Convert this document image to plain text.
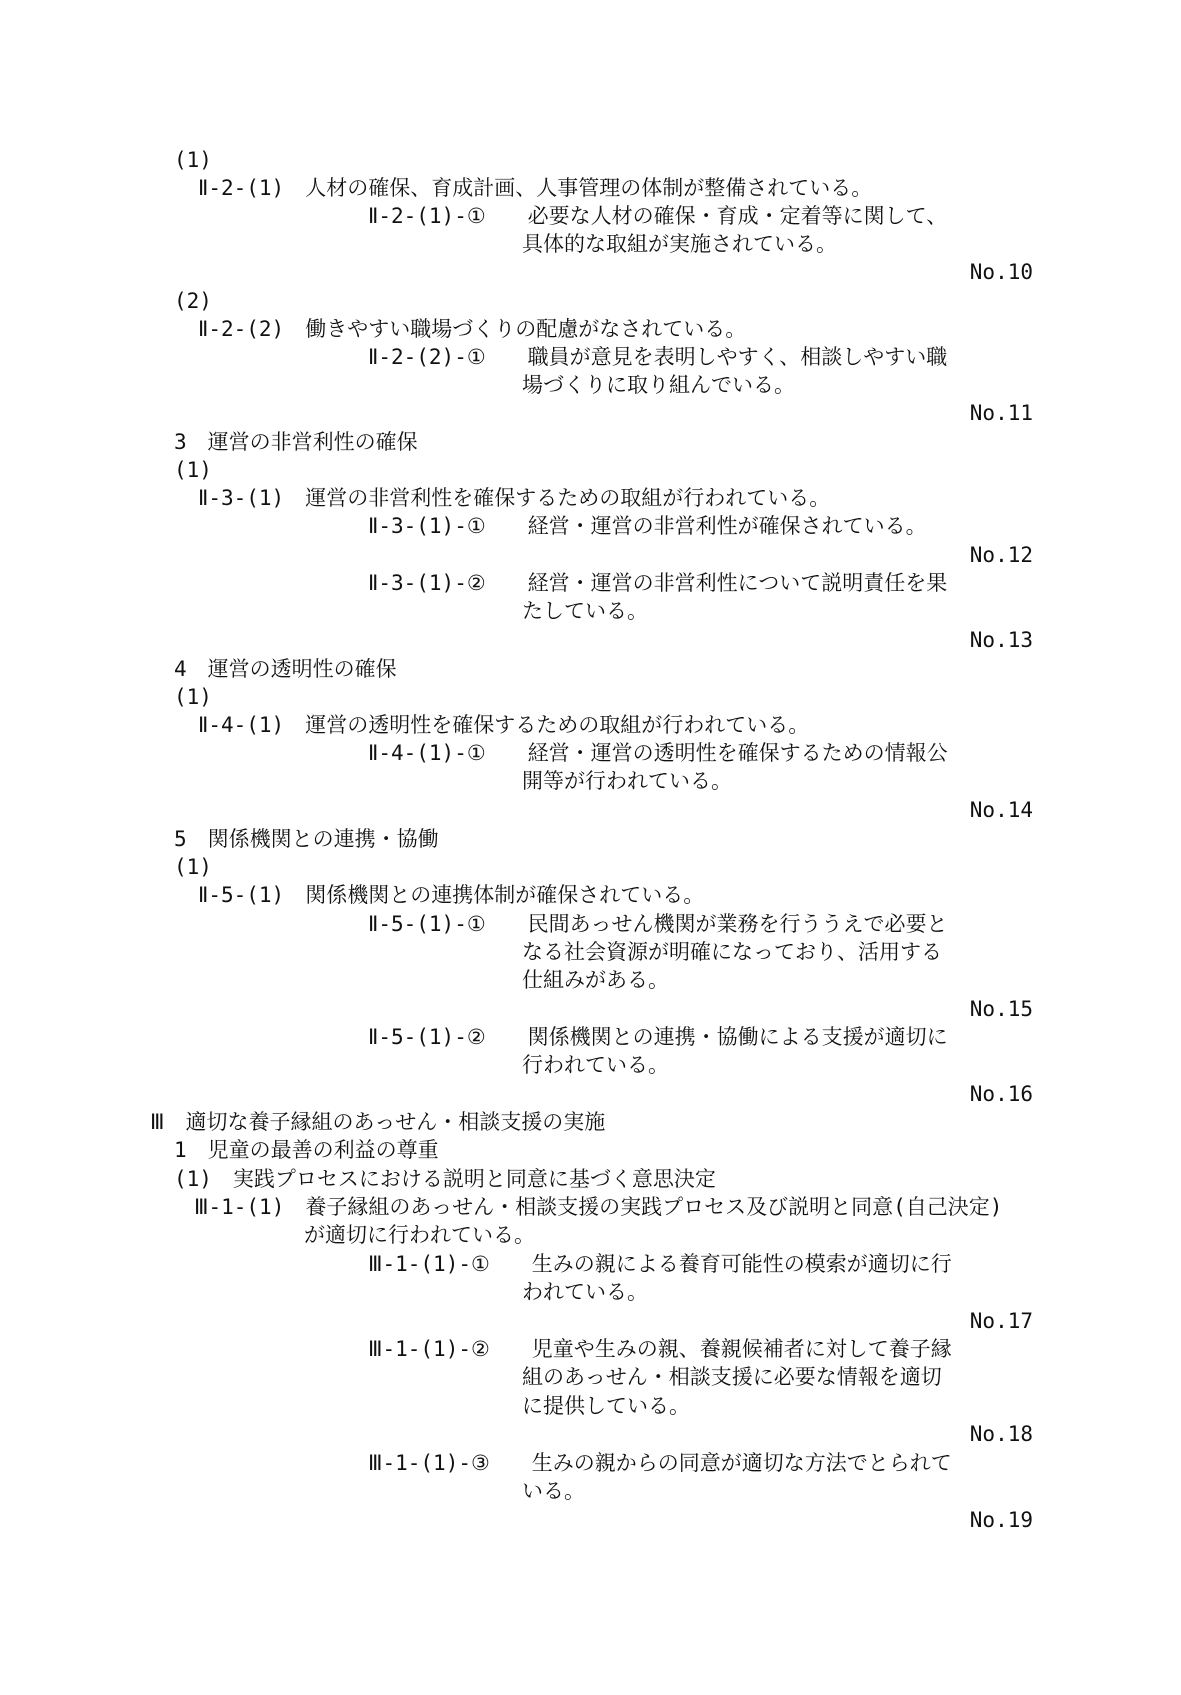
(1)
Ⅱ-2-(1)　人材の確保、育成計画、人事管理の体制が整備されている。
Ⅱ-2-(1)-①　　必要な人材の確保・育成・定着等に関して、
具体的な取組が実施されている。
No.10
(2)
Ⅱ-2-(2)　働きやすい職場づくりの配慮がなされている。
Ⅱ-2-(2)-①　　職員が意見を表明しやすく、相談しやすい職
場づくりに取り組んでいる。
No.11
3　運営の非営利性の確保
(1)
Ⅱ-3-(1)　運営の非営利性を確保するための取組が行われている。
Ⅱ-3-(1)-①　　経営・運営の非営利性が確保されている。
No.12
Ⅱ-3-(1)-②　　経営・運営の非営利性について説明責任を果
たしている。
No.13
4　運営の透明性の確保
(1)
Ⅱ-4-(1)　運営の透明性を確保するための取組が行われている。
Ⅱ-4-(1)-①　　経営・運営の透明性を確保するための情報公
開等が行われている。
No.14
5　関係機関との連携・協働
(1)
Ⅱ-5-(1)　関係機関との連携体制が確保されている。
Ⅱ-5-(1)-①　　民間あっせん機関が業務を行ううえで必要と
なる社会資源が明確になっており、活用する
仕組みがある。
No.15
Ⅱ-5-(1)-②　　関係機関との連携・協働による支援が適切に
行われている。
No.16
Ⅲ　適切な養子縁組のあっせん・相談支援の実施
1　児童の最善の利益の尊重
(1)　実践プロセスにおける説明と同意に基づく意思決定
Ⅲ-1-(1)　養子縁組のあっせん・相談支援の実践プロセス及び説明と同意(自己決定)
が適切に行われている。
Ⅲ-1-(1)-①　　生みの親による養育可能性の模索が適切に行
われている。
No.17
Ⅲ-1-(1)-②　　児童や生みの親、養親候補者に対して養子縁
組のあっせん・相談支援に必要な情報を適切
に提供している。
No.18
Ⅲ-1-(1)-③　　生みの親からの同意が適切な方法でとられて
いる。
No.19
